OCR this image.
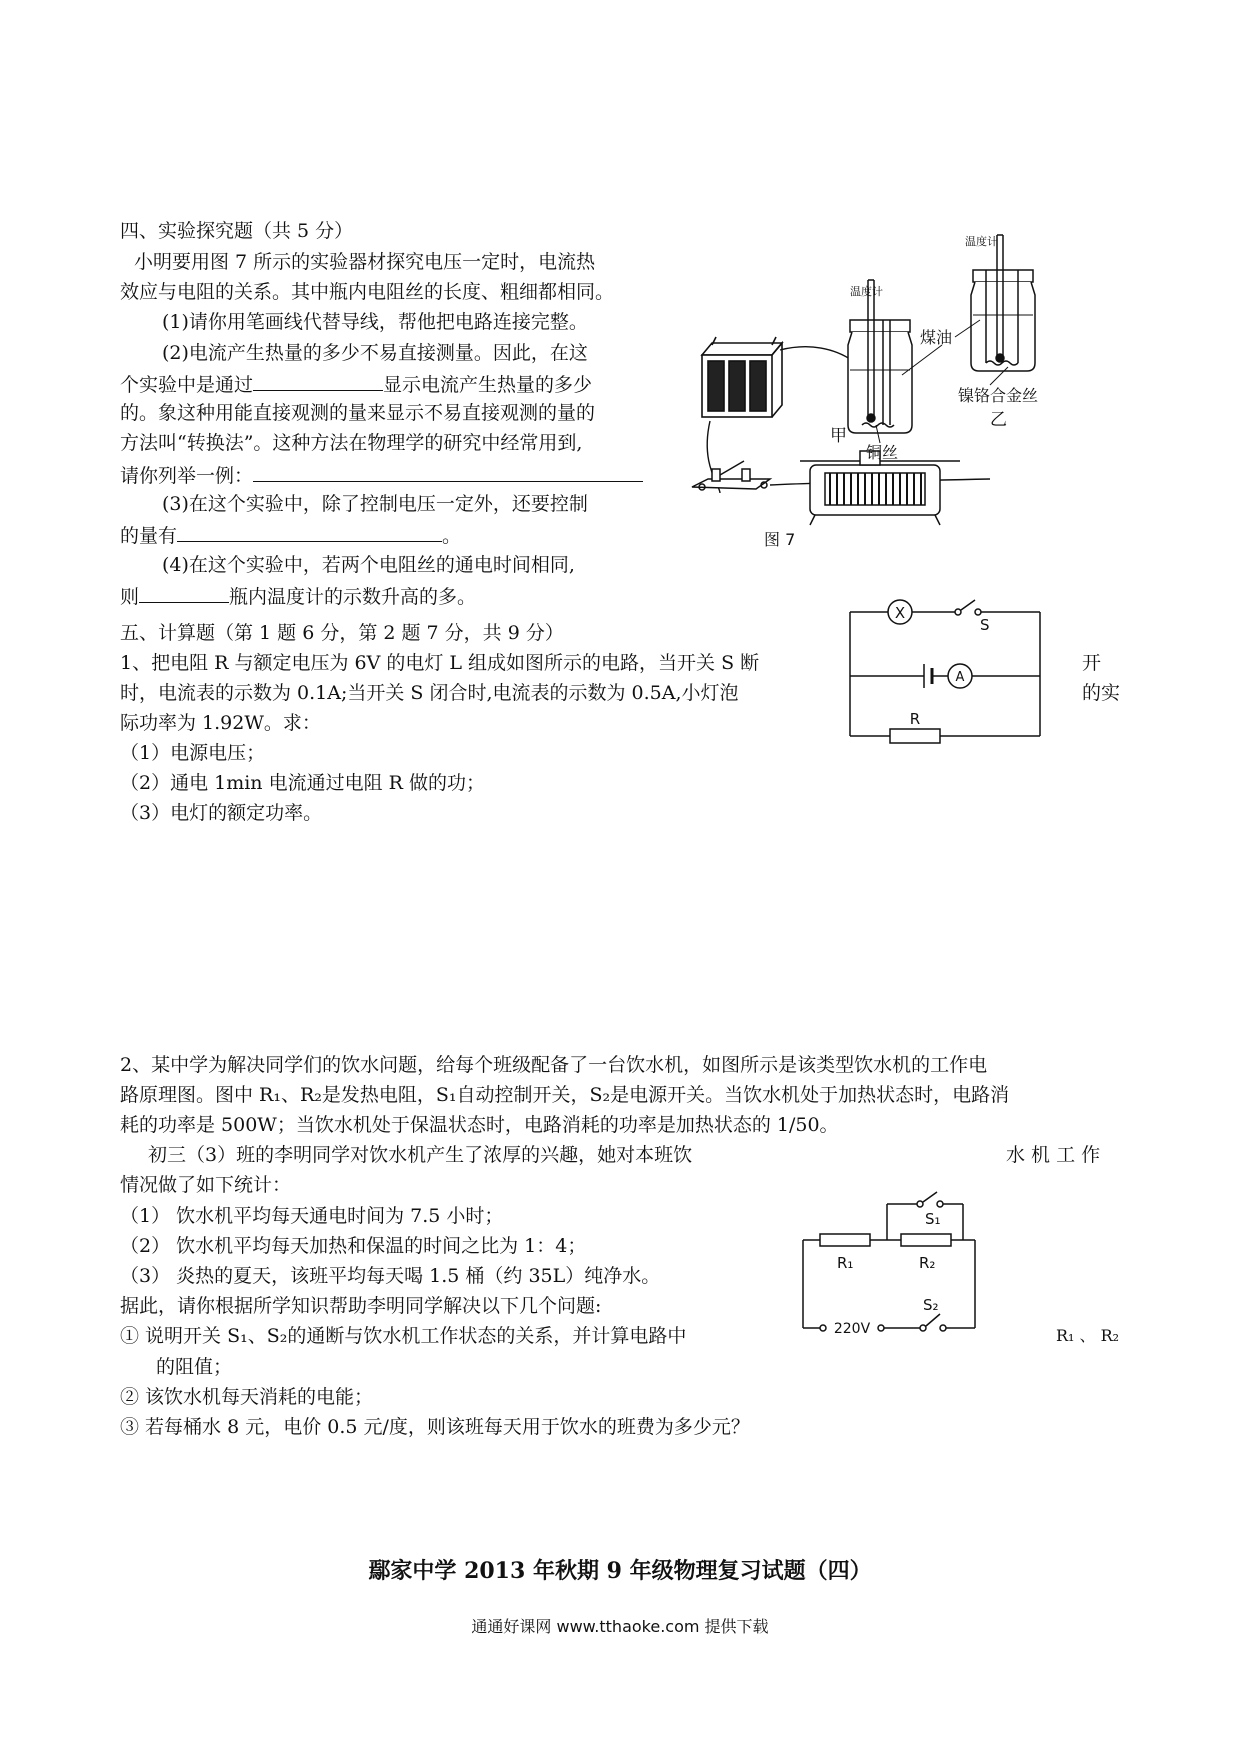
四、实验探究题（共 5 分）
小明要用图 7 所示的实验器材探究电压一定时，电流热
效应与电阻的关系。其中瓶内电阻丝的长度、粗细都相同。
(1)请你用笔画线代替导线，帮他把电路连接完整。
(2)电流产生热量的多少不易直接测量。因此，在这
个实验中是通过	显示电流产生热量的多少
的。象这种用能直接观测的量来显示不易直接观测的量的
方法叫“转换法”。这种方法在物理学的研究中经常用到,
请你列举一例：
(3)在这个实验中，除了控制电压一定外，还要控制
的量有	。
(4)在这个实验中，若两个电阻丝的通电时间相同,
则	瓶内温度计的示数升高的多。
温度计
温度计
煤油
镍铬合金丝
乙
甲
铜丝
图 7
五、计算题（第 1 题 6 分，第 2 题 7 分，共 9 分）
1、把电阻 R 与额定电压为 6V 的电灯 L 组成如图所示的电路，当开关 S 断	开
时，电流表的示数为 0.1A;当开关 S 闭合时,电流表的示数为 0.5A,小灯泡	的实
际功率为 1.92W。求：
（1）电源电压；
（2）通电 1min 电流通过电阻 R 做的功；
（3）电灯的额定功率。
X
S
A
R
2、某中学为解决同学们的饮水问题，给每个班级配备了一台饮水机，如图所示是该类型饮水机的工作电
路原理图。图中 R₁、R₂是发热电阻，S₁自动控制开关，S₂是电源开关。当饮水机处于加热状态时，电路消
耗的功率是 500W；当饮水机处于保温状态时，电路消耗的功率是加热状态的 1/50。
初三（3）班的李明同学对饮水机产生了浓厚的兴趣，她对本班饮	水 机 工 作
情况做了如下统计：
（1） 饮水机平均每天通电时间为 7.5 小时；
（2） 饮水机平均每天加热和保温的时间之比为 1：4；
（3） 炎热的夏天，该班平均每天喝 1.5 桶（约 35L）纯净水。
据此，请你根据所学知识帮助李明同学解决以下几个问题:
① 说明开关 S₁、S₂的通断与饮水机工作状态的关系，并计算电路中	R₁ 、 R₂
的阻值；
② 该饮水机每天消耗的电能；
③ 若每桶水 8 元，电价 0.5 元/度，则该班每天用于饮水的班费为多少元？
S₁
R₁	R₂
S₂
220V
鄢家中学 2013 年秋期 9 年级物理复习试题（四）
通通好课网 www.tthaoke.com 提供下载
